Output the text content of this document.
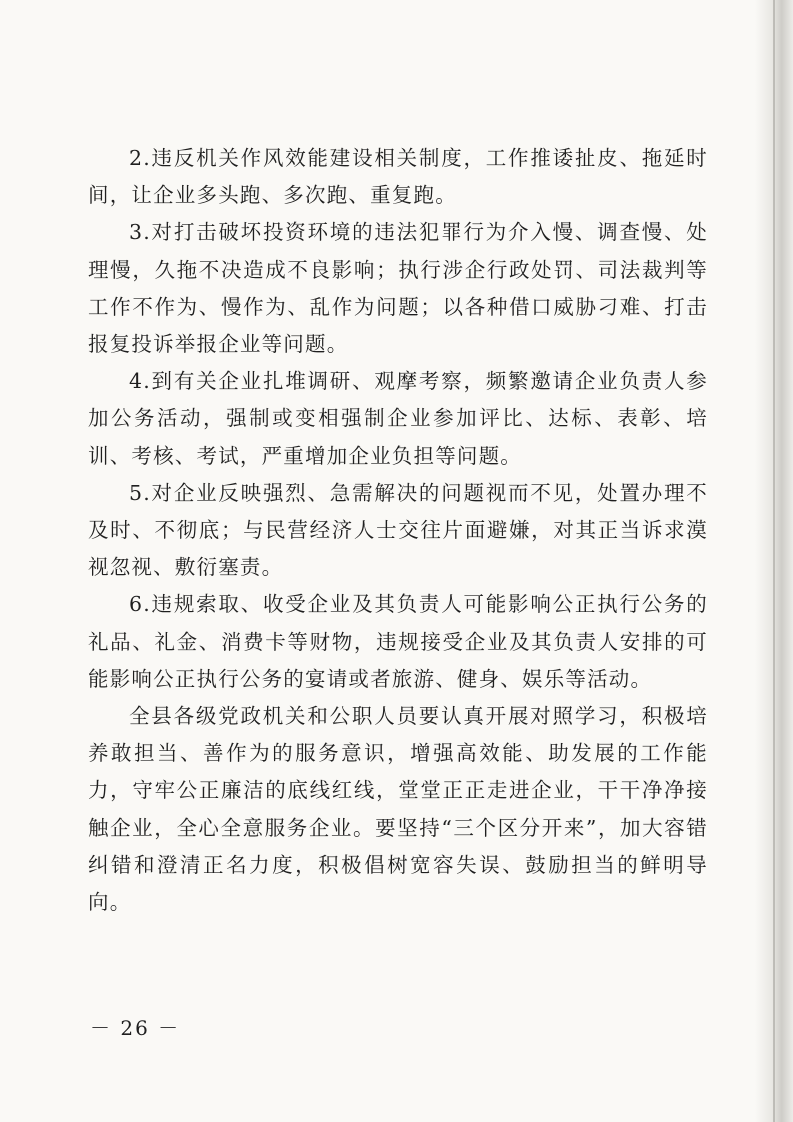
2.违反机关作风效能建设相关制度，工作推诿扯皮、拖延时间，让企业多头跑、多次跑、重复跑。

3.对打击破坏投资环境的违法犯罪行为介入慢、调查慢、处理慢，久拖不决造成不良影响；执行涉企行政处罚、司法裁判等工作不作为、慢作为、乱作为问题；以各种借口威胁刁难、打击报复投诉举报企业等问题。

4.到有关企业扎堆调研、观摩考察，频繁邀请企业负责人参加公务活动，强制或变相强制企业参加评比、达标、表彰、培训、考核、考试，严重增加企业负担等问题。

5.对企业反映强烈、急需解决的问题视而不见，处置办理不及时、不彻底；与民营经济人士交往片面避嫌，对其正当诉求漠视忽视、敷衍塞责。

6.违规索取、收受企业及其负责人可能影响公正执行公务的礼品、礼金、消费卡等财物，违规接受企业及其负责人安排的可能影响公正执行公务的宴请或者旅游、健身、娱乐等活动。

全县各级党政机关和公职人员要认真开展对照学习，积极培养敢担当、善作为的服务意识，增强高效能、助发展的工作能力，守牢公正廉洁的底线红线，堂堂正正走进企业，干干净净接触企业，全心全意服务企业。要坚持“三个区分开来”，加大容错纠错和澄清正名力度，积极倡树宽容失误、鼓励担当的鲜明导向。

－ 26 －
